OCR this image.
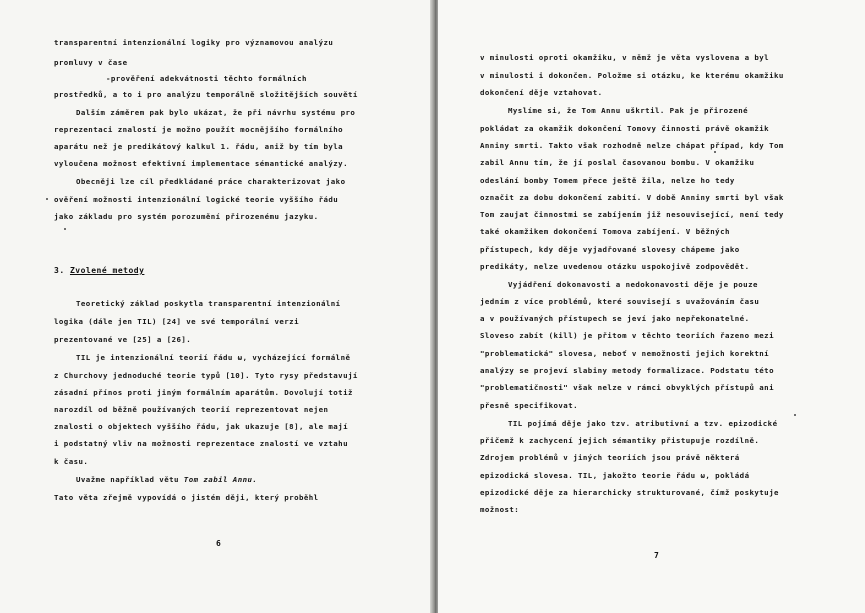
transparentní intenzionální logiky pro významovou analýzu
promluvy v čase
-prověření adekvátnosti těchto formálních
prostředků, a to i pro analýzu temporálně složitějších souvětí
Dalším záměrem pak bylo ukázat, že při návrhu systému pro
reprezentaci znalostí je možno použít mocnějšího formálního
aparátu než je predikátový kalkul 1. řádu, aniž by tím byla
vyloučena možnost efektivní implementace sémantické analýzy.
Obecněji lze cíl předkládané práce charakterizovat jako
ověření možnosti intenzionální logické teorie vyššího řádu
jako základu pro systém porozumění přirozenému jazyku.
3. Zvolené metody
Teoretický základ poskytla transparentní intenzionální
logika (dále jen TIL) [24] ve své temporální verzi
prezentované ve [25] a [26].
TIL je intenzionální teorií řádu ω, vycházející formálně
z Churchovy jednoduché teorie typů [10]. Tyto rysy představují
zásadní přínos proti jiným formálním aparátům. Dovolují totiž
narozdíl od běžně používaných teorií reprezentovat nejen
znalosti o objektech vyššího řádu, jak ukazuje [8], ale mají
i podstatný vliv na možnosti reprezentace znalostí ve vztahu
k času.
Uvažme například větu Tom zabil Annu.
Tato věta zřejmě vypovídá o jistém ději, který proběhl
6
v minulosti oproti okamžiku, v němž je věta vyslovena a byl
v minulosti i dokončen. Položme si otázku, ke kterému okamžiku
dokončení děje vztahovat.
Myslíme si, že Tom Annu uškrtil. Pak je přirozené
pokládat za okamžik dokončení Tomovy činnosti právě okamžik
Anniny smrti. Takto však rozhodně nelze chápat případ, kdy Tom
zabil Annu tím, že jí poslal časovanou bombu. V okamžiku
odeslání bomby Tomem přece ještě žila, nelze ho tedy
označit za dobu dokončení zabití. V době Anniny smrti byl však
Tom zaujat činnostmi se zabíjením již nesouvisející, není tedy
také okamžikem dokončení Tomova zabíjení. V běžných
přístupech, kdy děje vyjadřované slovesy chápeme jako
predikáty, nelze uvedenou otázku uspokojivě zodpovědět.
Vyjádření dokonavosti a nedokonavosti děje je pouze
jedním z více problémů, které souvisejí s uvažováním času
a v používaných přístupech se jeví jako nepřekonatelné.
Sloveso zabít (kill) je přitom v těchto teoriích řazeno mezi
"problematická" slovesa, neboť v nemožnosti jejich korektní
analýzy se projeví slabiny metody formalizace. Podstatu této
"problematičnosti" však nelze v rámci obvyklých přístupů ani
přesně specifikovat.
TIL pojímá děje jako tzv. atributivní a tzv. epizodické
přičemž k zachycení jejich sémantiky přistupuje rozdílně.
Zdrojem problémů v jiných teoriích jsou právě některá
epizodická slovesa. TIL, jakožto teorie řádu ω, pokládá
epizodické děje za hierarchicky strukturované, čímž poskytuje
možnost:
7
